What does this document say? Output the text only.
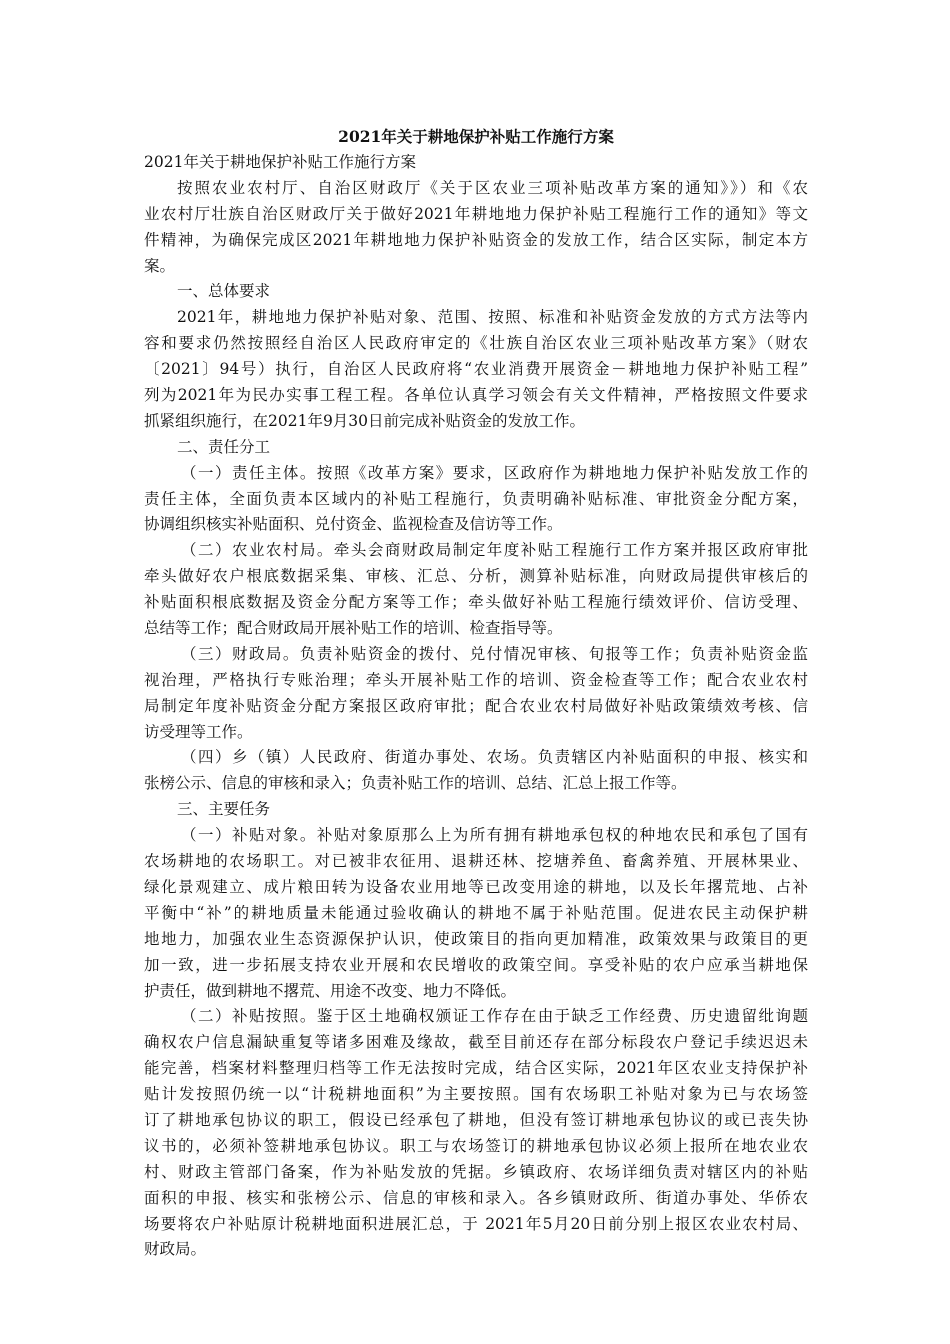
2021年关于耕地保护补贴工作施行方案

2021年关于耕地保护补贴工作施行方案

按照农业农村厅、自治区财政厅《关于区农业三项补贴改革方案的通知》》）和《农
业农村厅壮族自治区财政厅关于做好2021年耕地地力保护补贴工程施行工作的通知》等文
件精神，为确保完成区2021年耕地地力保护补贴资金的发放工作，结合区实际，制定本方
案。

一、总体要求

2021年，耕地地力保护补贴对象、范围、按照、标准和补贴资金发放的方式方法等内
容和要求仍然按照经自治区人民政府审定的《壮族自治区农业三项补贴改革方案》（财农
〔2021〕94号）执行，自治区人民政府将“农业消费开展资金－耕地地力保护补贴工程”
列为2021年为民办实事工程工程。各单位认真学习领会有关文件精神，严格按照文件要求
抓紧组织施行，在2021年9月30日前完成补贴资金的发放工作。

二、责任分工

（一）责任主体。按照《改革方案》要求，区政府作为耕地地力保护补贴发放工作的
责任主体，全面负责本区域内的补贴工程施行，负责明确补贴标准、审批资金分配方案，
协调组织核实补贴面积、兑付资金、监视检查及信访等工作。

（二）农业农村局。牵头会商财政局制定年度补贴工程施行工作方案并报区政府审批
牵头做好农户根底数据采集、审核、汇总、分析，测算补贴标准，向财政局提供审核后的
补贴面积根底数据及资金分配方案等工作；牵头做好补贴工程施行绩效评价、信访受理、
总结等工作；配合财政局开展补贴工作的培训、检查指导等。

（三）财政局。负责补贴资金的拨付、兑付情况审核、旬报等工作；负责补贴资金监
视治理，严格执行专账治理；牵头开展补贴工作的培训、资金检查等工作；配合农业农村
局制定年度补贴资金分配方案报区政府审批；配合农业农村局做好补贴政策绩效考核、信
访受理等工作。

（四）乡（镇）人民政府、街道办事处、农场。负责辖区内补贴面积的申报、核实和
张榜公示、信息的审核和录入；负责补贴工作的培训、总结、汇总上报工作等。

三、主要任务

（一）补贴对象。补贴对象原那么上为所有拥有耕地承包权的种地农民和承包了国有
农场耕地的农场职工。对已被非农征用、退耕还林、挖塘养鱼、畜禽养殖、开展林果业、
绿化景观建立、成片粮田转为设备农业用地等已改变用途的耕地，以及长年撂荒地、占补
平衡中“补”的耕地质量未能通过验收确认的耕地不属于补贴范围。促进农民主动保护耕
地地力，加强农业生态资源保护认识，使政策目的指向更加精准，政策效果与政策目的更
加一致，进一步拓展支持农业开展和农民增收的政策空间。享受补贴的农户应承当耕地保
护责任，做到耕地不撂荒、用途不改变、地力不降低。

（二）补贴按照。鉴于区土地确权颁证工作存在由于缺乏工作经费、历史遗留纰询题
确权农户信息漏缺重复等诸多困难及缘故，截至目前还存在部分标段农户登记手续迟迟未
能完善，档案材料整理归档等工作无法按时完成，结合区实际，2021年区农业支持保护补
贴计发按照仍统一以“计税耕地面积”为主要按照。国有农场职工补贴对象为已与农场签
订了耕地承包协议的职工，假设已经承包了耕地，但没有签订耕地承包协议的或已丧失协
议书的，必须补签耕地承包协议。职工与农场签订的耕地承包协议必须上报所在地农业农
村、财政主管部门备案，作为补贴发放的凭据。乡镇政府、农场详细负责对辖区内的补贴
面积的申报、核实和张榜公示、信息的审核和录入。各乡镇财政所、街道办事处、华侨农
场要将农户补贴原计税耕地面积进展汇总，于 2021年5月20日前分别上报区农业农村局、
财政局。
